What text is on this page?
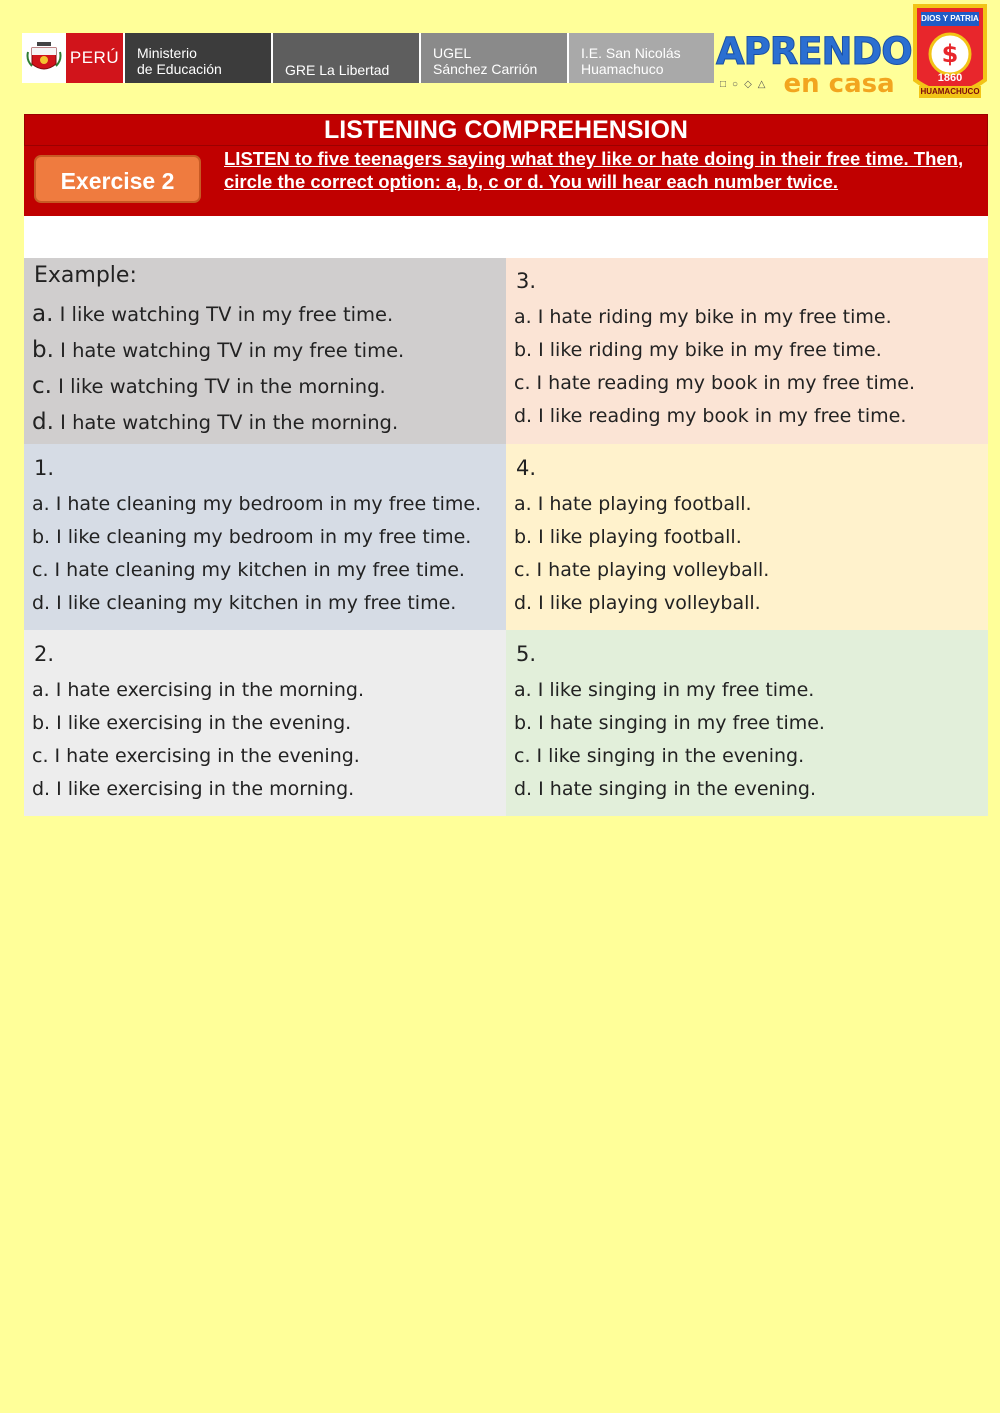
PERÚ Ministerio
de Educación	GRE La Libertad
UGEL
Sánchez Carrión
I.E. San Nicolás
Huamachuco	APRENDO
□○◇△ en casa
$
DIOS Y PATRIA
1860
HUAMACHUCO
LISTENING COMPREHENSION
Exercise 2
LISTEN to five teenagers saying what they like or hate doing in their free time. Then, circle the correct option: a, b, c or d. You will hear each number twice.
Example:
a. I like watching TV in my free time.
b. I hate watching TV in my free time.
c. I like watching TV in the morning.
d. I hate watching TV in the morning.
3.
a. I hate riding my bike in my free time.
b. I like riding my bike in my free time.
c. I hate reading my book in my free time.
d. I like reading my book in my free time.
1.
a. I hate cleaning my bedroom in my free time.
b. I like cleaning my bedroom in my free time.
c. I hate cleaning my kitchen in my free time.
d. I like cleaning my kitchen in my free time.
4.
a. I hate playing football.
b. I like playing football.
c. I hate playing volleyball.
d. I like playing volleyball.
2.
a. I hate exercising in the morning.
b. I like exercising in the evening.
c. I hate exercising in the evening.
d. I like exercising in the morning.
5.
a. I like singing in my free time.
b. I hate singing in my free time.
c. I like singing in the evening.
d. I hate singing in the evening.
